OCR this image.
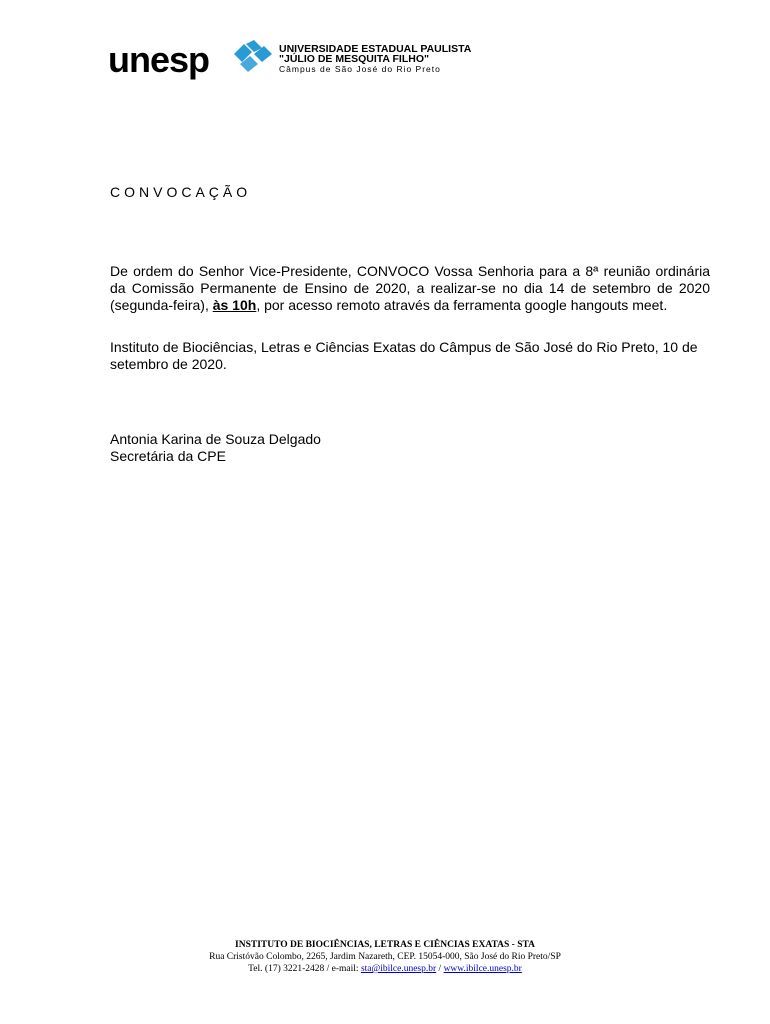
unesp	UNIVERSIDADE ESTADUAL PAULISTA
"JÚLIO DE MESQUITA FILHO"
Câmpus de São José do Rio Preto
CONVOCAÇÃO
De ordem do Senhor Vice-Presidente, CONVOCO Vossa Senhoria para a 8ª reunião ordinária da Comissão Permanente de Ensino de 2020, a realizar-se no dia 14 de setembro de 2020 (segunda-feira), às 10h, por acesso remoto através da ferramenta google hangouts meet.
Instituto de Biociências, Letras e Ciências Exatas do Câmpus de São José do Rio Preto, 10 de setembro de 2020.
Antonia Karina de Souza Delgado
Secretária da CPE
INSTITUTO DE BIOCIÊNCIAS, LETRAS E CIÊNCIAS EXATAS - STA
Rua Cristóvão Colombo, 2265, Jardim Nazareth, CEP. 15054-000, São José do Rio Preto/SP
Tel. (17) 3221-2428 / e-mail: sta@ibilce.unesp.br / www.ibilce.unesp.br
